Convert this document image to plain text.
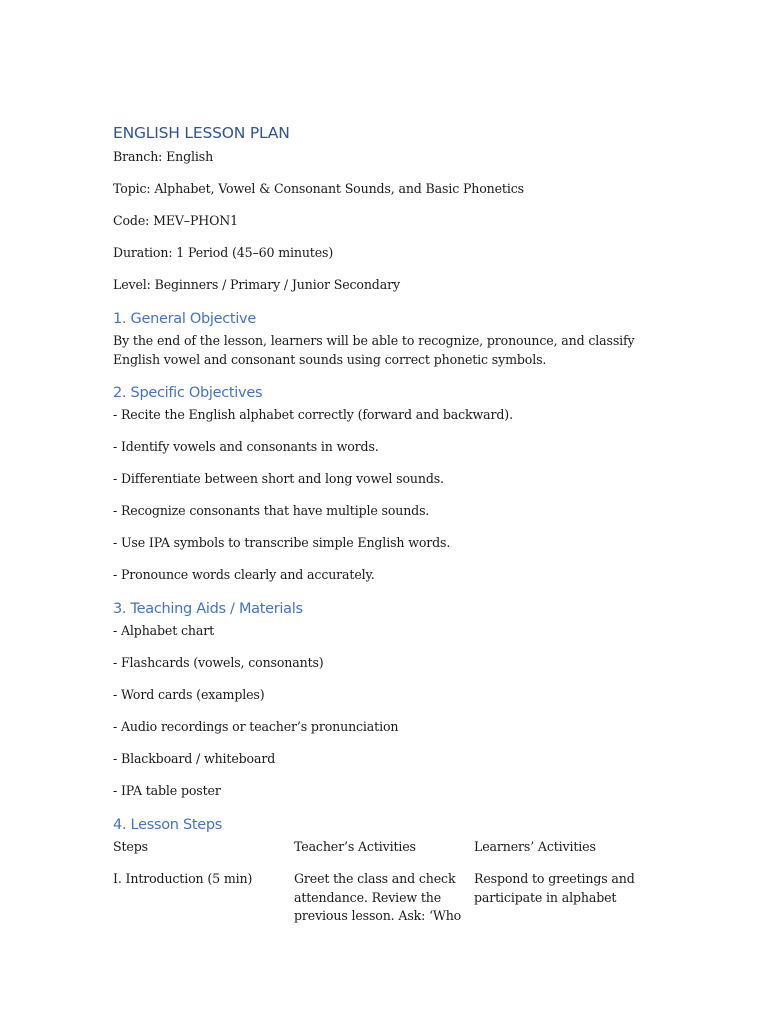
ENGLISH LESSON PLAN
Branch: English
Topic: Alphabet, Vowel & Consonant Sounds, and Basic Phonetics
Code: MEV–PHON1
Duration: 1 Period (45–60 minutes)
Level: Beginners / Primary / Junior Secondary
1. General Objective
By the end of the lesson, learners will be able to recognize, pronounce, and classify English vowel and consonant sounds using correct phonetic symbols.
2. Specific Objectives
- Recite the English alphabet correctly (forward and backward).
- Identify vowels and consonants in words.
- Differentiate between short and long vowel sounds.
- Recognize consonants that have multiple sounds.
- Use IPA symbols to transcribe simple English words.
- Pronounce words clearly and accurately.
3. Teaching Aids / Materials
- Alphabet chart
- Flashcards (vowels, consonants)
- Word cards (examples)
- Audio recordings or teacher’s pronunciation
- Blackboard / whiteboard
- IPA table poster
4. Lesson Steps
Steps
I. Introduction (5 min)
Teacher’s Activities
Greet the class and check attendance. Review the previous lesson. Ask: ‘Who
Learners’ Activities
Respond to greetings and participate in alphabet
